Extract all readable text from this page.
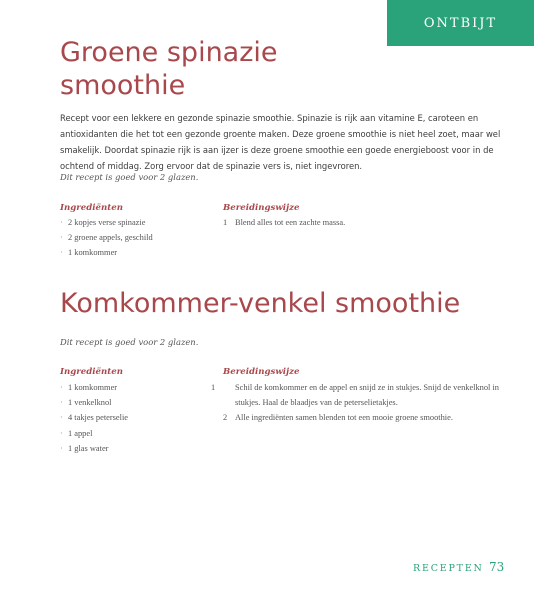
ONTBIJT
Groene spinazie smoothie

Recept voor een lekkere en gezonde spinazie smoothie. Spinazie is rijk aan vitamine E, caroteen en antioxidanten die het tot een gezonde groente maken. Deze groene smoothie is niet heel zoet, maar wel smakelijk. Doordat spinazie rijk is aan ijzer is deze groene smoothie een goede energieboost voor in de ochtend of middag. Zorg ervoor dat de spinazie vers is, niet ingevroren.

Dit recept is goed voor 2 glazen.

Ingrediënten
· 2 kopjes verse spinazie
· 2 groene appels, geschild
· 1 komkommer
Bereidingswijze
1 Blend alles tot een zachte massa.
Komkommer-venkel smoothie

Dit recept is goed voor 2 glazen.

Ingrediënten
· 1 komkommer
· 1 venkelknol
· 4 takjes peterselie
· 1 appel
· 1 glas water
Bereidingswijze
1 Schil de komkommer en de appel en snijd ze in stukjes. Snijd de venkelknol in stukjes. Haal de blaadjes van de peterselietakjes.
2 Alle ingrediënten samen blenden tot een mooie groene smoothie.
RECEPTEN 73
